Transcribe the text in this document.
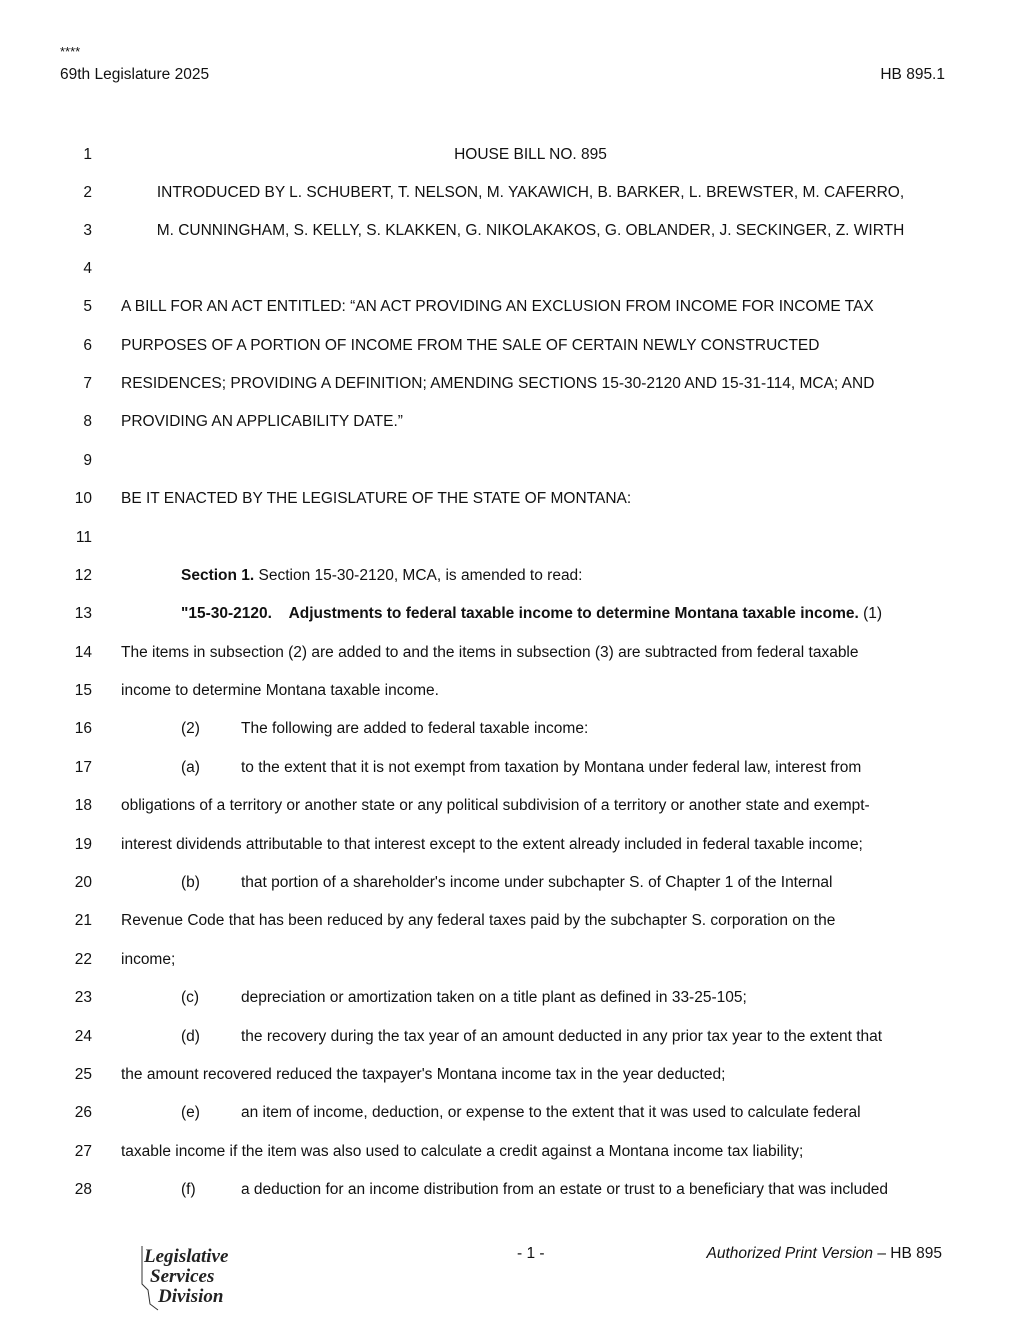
****
69th Legislature 2025	HB 895.1
1	HOUSE BILL NO. 895
2	INTRODUCED BY L. SCHUBERT, T. NELSON, M. YAKAWICH, B. BARKER, L. BREWSTER, M. CAFERRO,
3	M. CUNNINGHAM, S. KELLY, S. KLAKKEN, G. NIKOLAKAKOS, G. OBLANDER, J. SECKINGER, Z. WIRTH
4
5 A BILL FOR AN ACT ENTITLED: “AN ACT PROVIDING AN EXCLUSION FROM INCOME FOR INCOME TAX
6 PURPOSES OF A PORTION OF INCOME FROM THE SALE OF CERTAIN NEWLY CONSTRUCTED
7 RESIDENCES; PROVIDING A DEFINITION; AMENDING SECTIONS 15-30-2120 AND 15-31-114, MCA; AND
8 PROVIDING AN APPLICABILITY DATE.”
9
10 BE IT ENACTED BY THE LEGISLATURE OF THE STATE OF MONTANA:
11
12	Section 1. Section 15-30-2120, MCA, is amended to read:
13	"15-30-2120.    Adjustments to federal taxable income to determine Montana taxable income. (1)
14 The items in subsection (2) are added to and the items in subsection (3) are subtracted from federal taxable
15 income to determine Montana taxable income.
16	(2)	The following are added to federal taxable income:
17	(a)	to the extent that it is not exempt from taxation by Montana under federal law, interest from
18 obligations of a territory or another state or any political subdivision of a territory or another state and exempt-
19 interest dividends attributable to that interest except to the extent already included in federal taxable income;
20	(b)	that portion of a shareholder's income under subchapter S. of Chapter 1 of the Internal
21 Revenue Code that has been reduced by any federal taxes paid by the subchapter S. corporation on the
22 income;
23	(c)	depreciation or amortization taken on a title plant as defined in 33-25-105;
24	(d)	the recovery during the tax year of an amount deducted in any prior tax year to the extent that
25 the amount recovered reduced the taxpayer's Montana income tax in the year deducted;
26	(e)	an item of income, deduction, or expense to the extent that it was used to calculate federal
27 taxable income if the item was also used to calculate a credit against a Montana income tax liability;
28	(f)	a deduction for an income distribution from an estate or trust to a beneficiary that was included
Legislative
Services
Division
- 1 -	Authorized Print Version – HB 895
